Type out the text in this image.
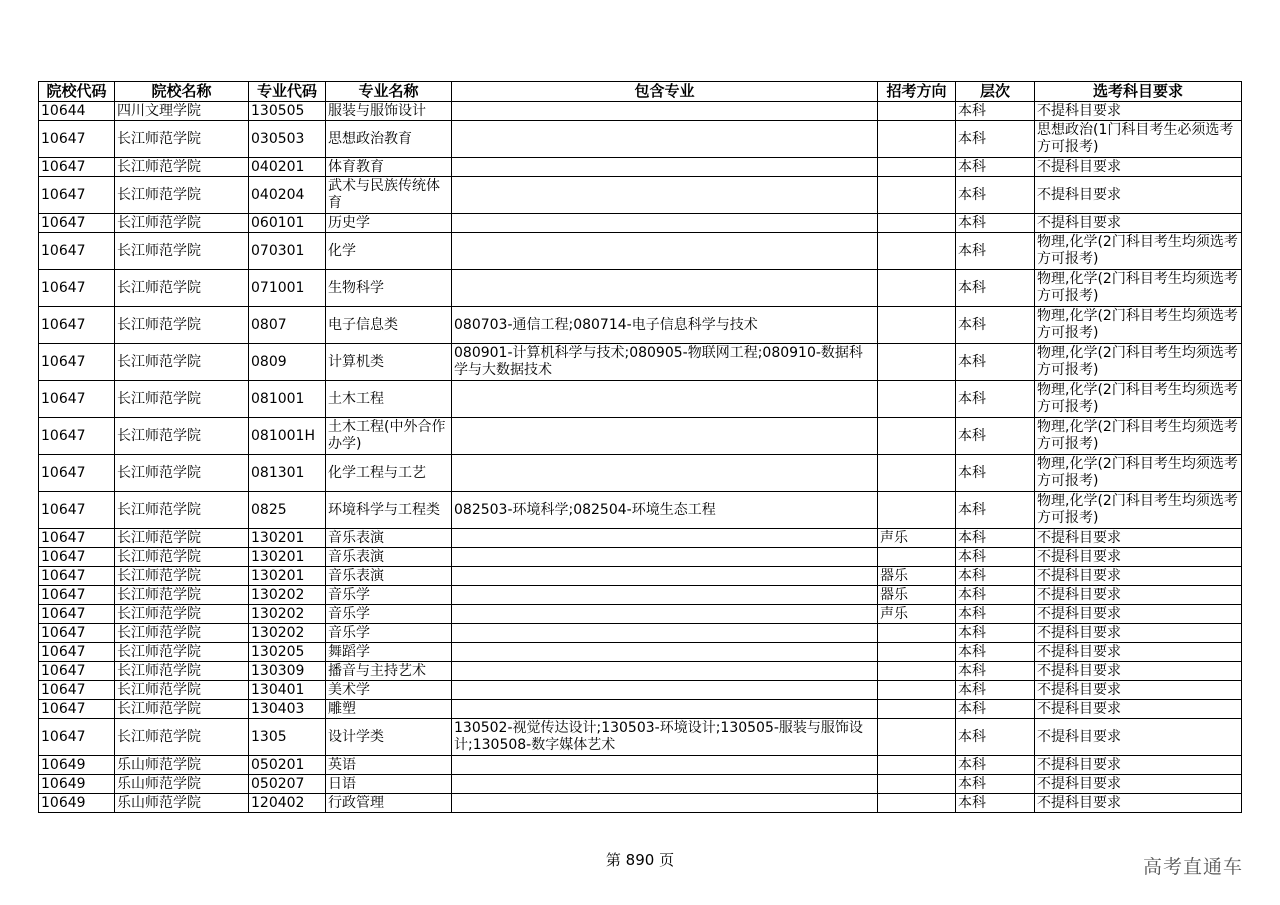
院校代码	院校名称	专业代码	专业名称	包含专业	招考方向	层次	选考科目要求
10644	四川文理学院	130505	服装与服饰设计			本科	不提科目要求
10647	长江师范学院	030503	思想政治教育			本科	思想政治(1门科目考生必须选考方可报考)
10647	长江师范学院	040201	体育教育			本科	不提科目要求
10647	长江师范学院	040204	武术与民族传统体育			本科	不提科目要求
10647	长江师范学院	060101	历史学			本科	不提科目要求
10647	长江师范学院	070301	化学			本科	物理,化学(2门科目考生均须选考方可报考)
10647	长江师范学院	071001	生物科学			本科	物理,化学(2门科目考生均须选考方可报考)
10647	长江师范学院	0807	电子信息类	080703-通信工程;080714-电子信息科学与技术		本科	物理,化学(2门科目考生均须选考方可报考)
10647	长江师范学院	0809	计算机类	080901-计算机科学与技术;080905-物联网工程;080910-数据科学与大数据技术		本科	物理,化学(2门科目考生均须选考方可报考)
10647	长江师范学院	081001	土木工程			本科	物理,化学(2门科目考生均须选考方可报考)
10647	长江师范学院	081001H	土木工程(中外合作办学)			本科	物理,化学(2门科目考生均须选考方可报考)
10647	长江师范学院	081301	化学工程与工艺			本科	物理,化学(2门科目考生均须选考方可报考)
10647	长江师范学院	0825	环境科学与工程类	082503-环境科学;082504-环境生态工程		本科	物理,化学(2门科目考生均须选考方可报考)
10647	长江师范学院	130201	音乐表演		声乐	本科	不提科目要求
10647	长江师范学院	130201	音乐表演			本科	不提科目要求
10647	长江师范学院	130201	音乐表演		器乐	本科	不提科目要求
10647	长江师范学院	130202	音乐学		器乐	本科	不提科目要求
10647	长江师范学院	130202	音乐学		声乐	本科	不提科目要求
10647	长江师范学院	130202	音乐学			本科	不提科目要求
10647	长江师范学院	130205	舞蹈学			本科	不提科目要求
10647	长江师范学院	130309	播音与主持艺术			本科	不提科目要求
10647	长江师范学院	130401	美术学			本科	不提科目要求
10647	长江师范学院	130403	雕塑			本科	不提科目要求
10647	长江师范学院	1305	设计学类	130502-视觉传达设计;130503-环境设计;130505-服装与服饰设计;130508-数字媒体艺术		本科	不提科目要求
10649	乐山师范学院	050201	英语			本科	不提科目要求
10649	乐山师范学院	050207	日语			本科	不提科目要求
10649	乐山师范学院	120402	行政管理			本科	不提科目要求
第 890 页	高考直通车
